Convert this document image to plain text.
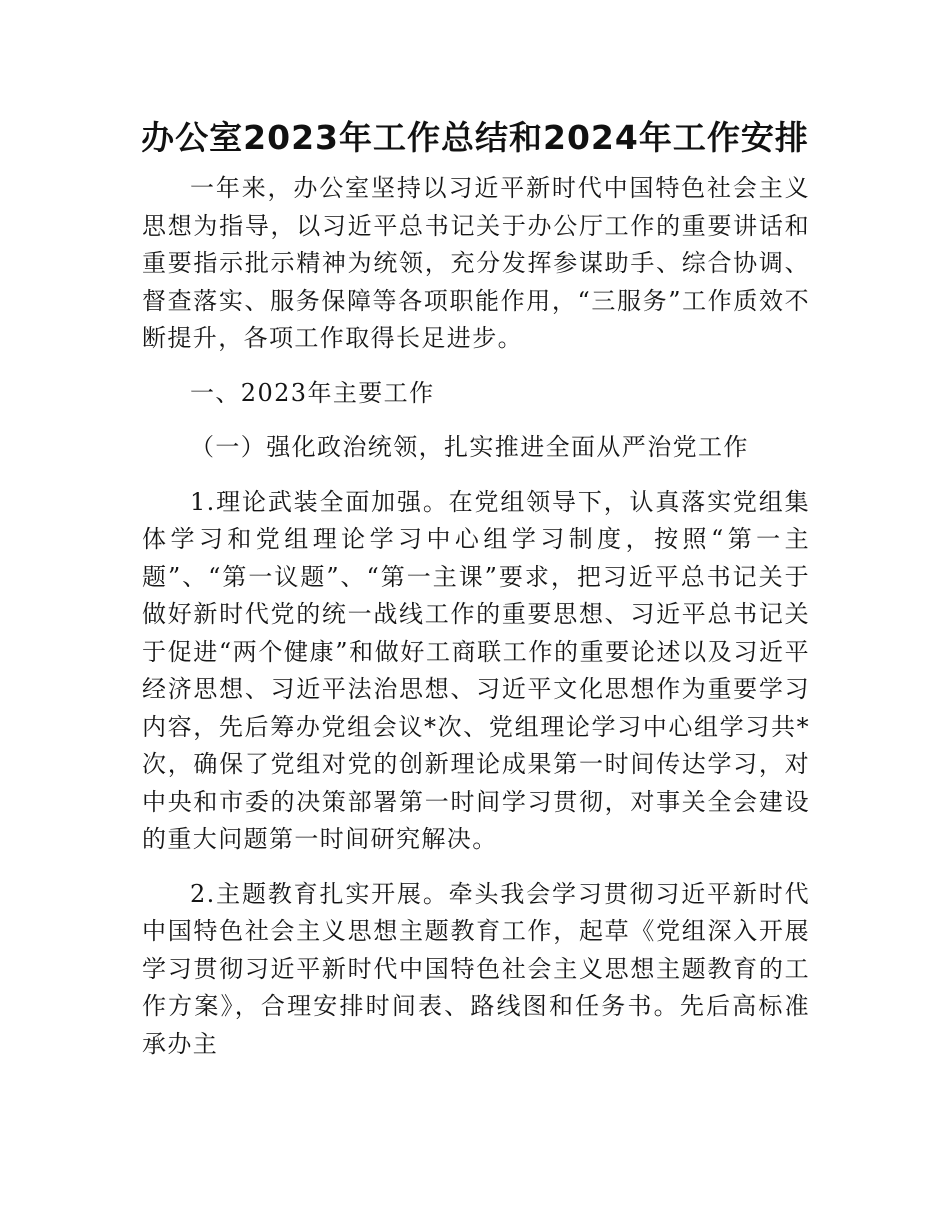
办公室2023年工作总结和2024年工作安排

一年来，办公室坚持以习近平新时代中国特色社会主义思想为指导，以习近平总书记关于办公厅工作的重要讲话和重要指示批示精神为统领，充分发挥参谋助手、综合协调、督查落实、服务保障等各项职能作用，“三服务”工作质效不断提升，各项工作取得长足进步。

一、2023年主要工作

（一）强化政治统领，扎实推进全面从严治党工作

1.理论武装全面加强。在党组领导下，认真落实党组集体学习和党组理论学习中心组学习制度，按照“第一主题”、“第一议题”、“第一主课”要求，把习近平总书记关于做好新时代党的统一战线工作的重要思想、习近平总书记关于促进“两个健康”和做好工商联工作的重要论述以及习近平经济思想、习近平法治思想、习近平文化思想作为重要学习内容，先后筹办党组会议*次、党组理论学习中心组学习共*次，确保了党组对党的创新理论成果第一时间传达学习，对中央和市委的决策部署第一时间学习贯彻，对事关全会建设的重大问题第一时间研究解决。

2.主题教育扎实开展。牵头我会学习贯彻习近平新时代中国特色社会主义思想主题教育工作，起草《党组深入开展学习贯彻习近平新时代中国特色社会主义思想主题教育的工作方案》，合理安排时间表、路线图和任务书。先后高标准承办主
